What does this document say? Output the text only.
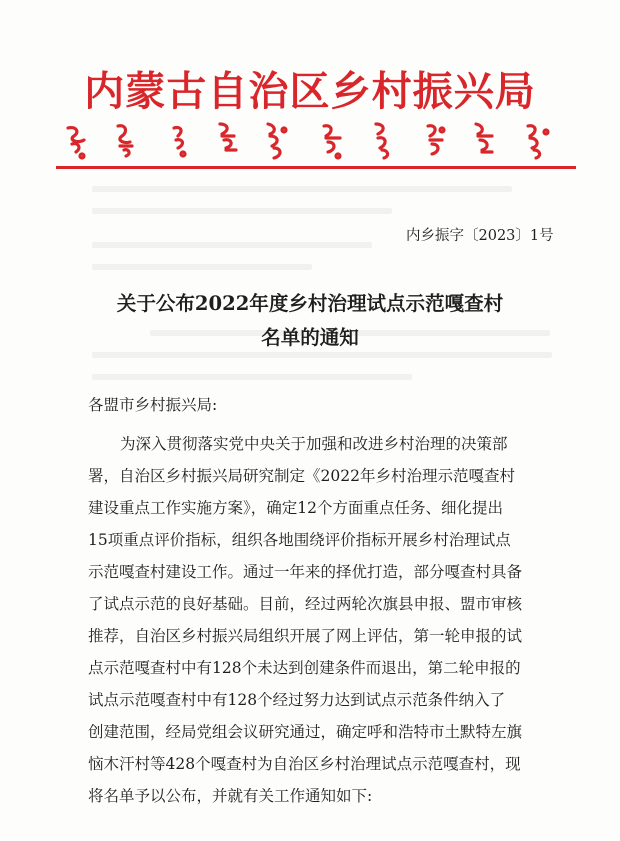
内蒙古自治区乡村振兴局
内乡振字〔2023〕1号
关于公布2022年度乡村治理试点示范嘎查村
名单的通知
各盟市乡村振兴局:
为深入贯彻落实党中央关于加强和改进乡村治理的决策部
署，自治区乡村振兴局研究制定《2022年乡村治理示范嘎查村
建设重点工作实施方案》，确定12个方面重点任务、细化提出
15项重点评价指标，组织各地围绕评价指标开展乡村治理试点
示范嘎查村建设工作。通过一年来的择优打造，部分嘎查村具备
了试点示范的良好基础。目前，经过两轮次旗县申报、盟市审核
推荐，自治区乡村振兴局组织开展了网上评估，第一轮申报的试
点示范嘎查村中有128个未达到创建条件而退出，第二轮申报的
试点示范嘎查村中有128个经过努力达到试点示范条件纳入了
创建范围，经局党组会议研究通过，确定呼和浩特市土默特左旗
恼木汗村等428个嘎查村为自治区乡村治理试点示范嘎查村，现
将名单予以公布，并就有关工作通知如下:
